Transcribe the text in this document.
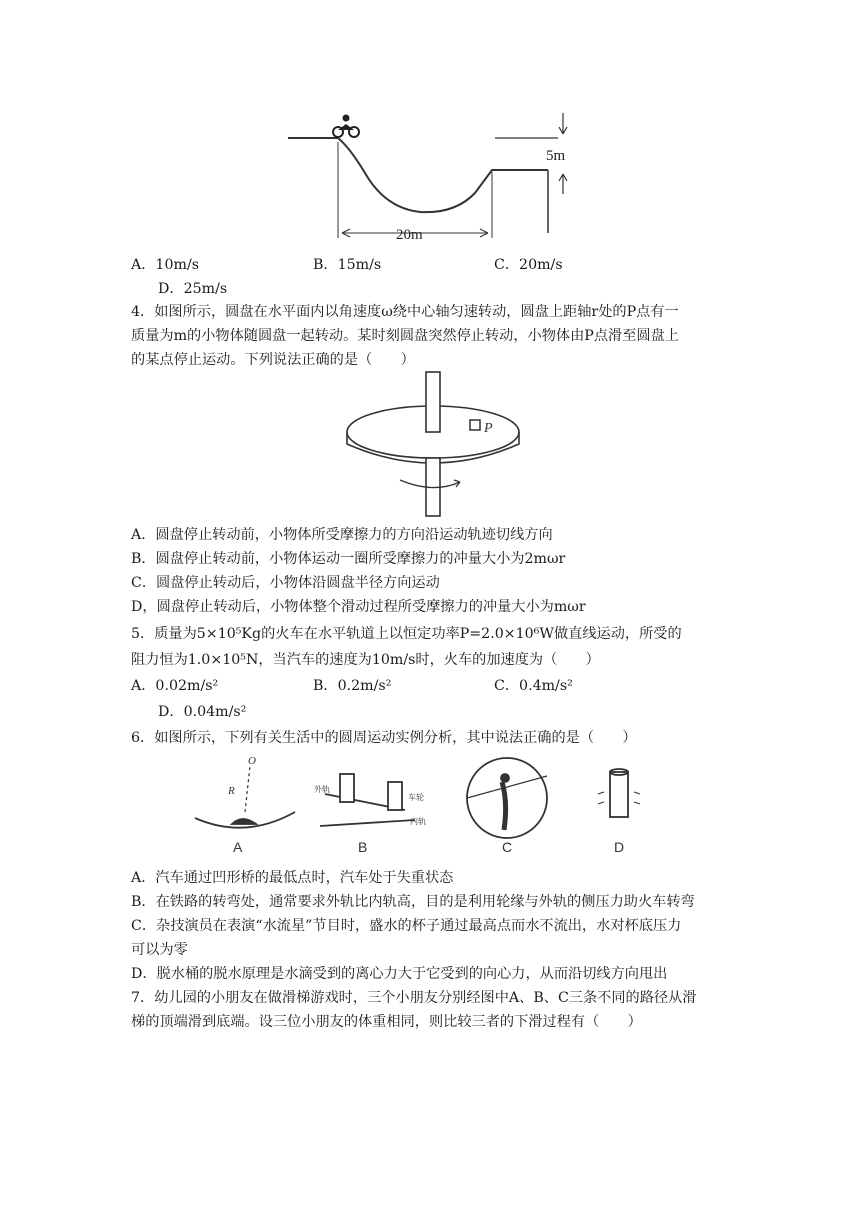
5m
20m
A．10m/s	B．15m/s	C．20m/s
D．25m/s
4．如图所示，圆盘在水平面内以角速度ω绕中心轴匀速转动，圆盘上距轴r处的P点有一
质量为m的小物体随圆盘一起转动。某时刻圆盘突然停止转动，小物体由P点滑至圆盘上
的某点停止运动。下列说法正确的是（　　）
P
A．圆盘停止转动前，小物体所受摩擦力的方向沿运动轨迹切线方向
B．圆盘停止转动前，小物体运动一圈所受摩擦力的冲量大小为2mωr
C．圆盘停止转动后，小物体沿圆盘半径方向运动
D，圆盘停止转动后，小物体整个滑动过程所受摩擦力的冲量大小为mωr
5．质量为5×10⁵Kg的火车在水平轨道上以恒定功率P=2.0×10⁶W做直线运动，所受的
阻力恒为1.0×10⁵N，当汽车的速度为10m/s时，火车的加速度为（　　）
A．0.02m/s²	B．0.2m/s²	C．0.4m/s²
D．0.04m/s²
6．如图所示，下列有关生活中的圆周运动实例分析，其中说法正确的是（　　）
O
R	外轨
车轮
内轨
A	B	C	D
A．汽车通过凹形桥的最低点时，汽车处于失重状态
B．在铁路的转弯处，通常要求外轨比内轨高，目的是利用轮缘与外轨的侧压力助火车转弯
C．杂技演员在表演“水流星”节目时，盛水的杯子通过最高点而水不流出，水对杯底压力
可以为零
D．脱水桶的脱水原理是水滴受到的离心力大于它受到的向心力，从而沿切线方向甩出
7．幼儿园的小朋友在做滑梯游戏时，三个小朋友分别经图中A、B、C三条不同的路径从滑
梯的顶端滑到底端。设三位小朋友的体重相同，则比较三者的下滑过程有（　　）
